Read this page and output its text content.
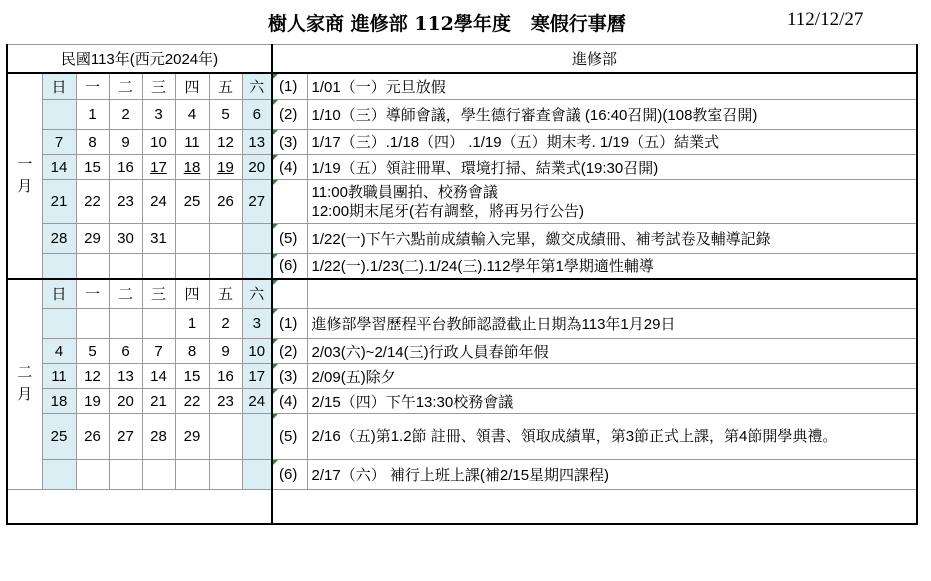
樹人家商 進修部 112學年度   寒假行事曆	112/12/27
民國113年(西元2024年)								進修部	
一
月	日	一	二	三	四	五	六	(1)	1/01（一）元旦放假
		1	2	3	4	5	6	(2)	1/10（三）導師會議，學生德行審查會議 (16:40召開)(108教室召開)
	7	8	9	10	11	12	13	(3)	1/17（三）.1/18（四） .1/19（五）期末考. 1/19（五）結業式
	14	15	16	17	18	19	20	(4)	1/19（五）領註冊單、環境打掃、結業式(19:30召開)
	21	22	23	24	25	26	27		11:00教職員團拍、校務會議
12:00期末尾牙(若有調整，將再另行公告)

	28	29	30	31				(5)	1/22(一)下午六點前成績輸入完畢，繳交成績冊、補考試卷及輔導記錄
								(6)	1/22(一).1/23(二).1/24(三).112學年第1學期適性輔導
二
月	日	一	二	三	四	五	六		
					1	2	3	(1)	進修部學習歷程平台教師認證截止日期為113年1月29日
	4	5	6	7	8	9	10	(2)	2/03(六)~2/14(三)行政人員春節年假
	11	12	13	14	15	16	17	(3)	2/09(五)除夕
	18	19	20	21	22	23	24	(4)	2/15（四）下午13:30校務會議
	25	26	27	28	29			(5)	2/16（五)第1.2節 註冊、領書、領取成績單，第3節正式上課，第4節開學典禮。
								(6)	2/17（六） 補行上班上課(補2/15星期四課程)
